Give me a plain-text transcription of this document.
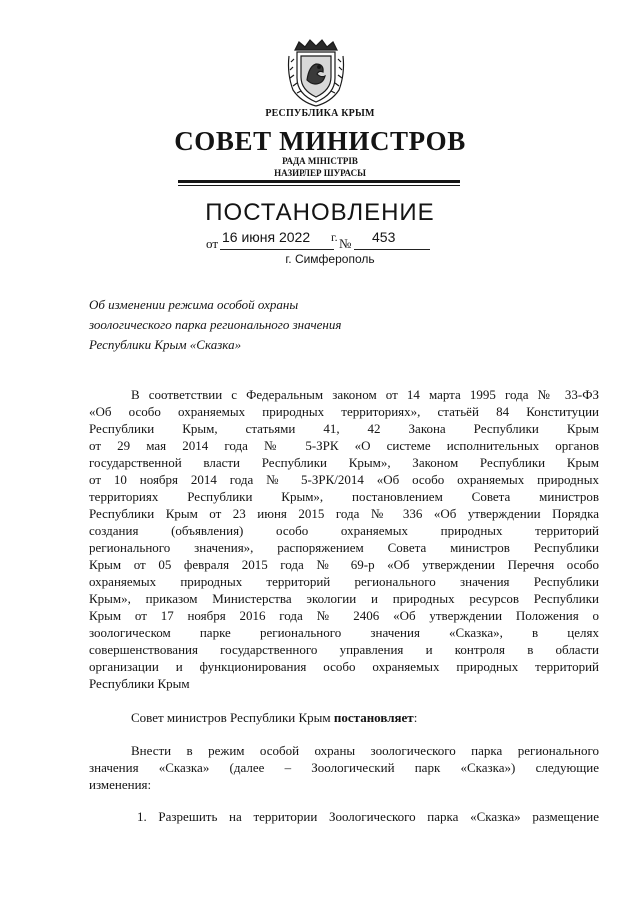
РЕСПУБЛИКА КРЫМ
СОВЕТ МИНИСТРОВ
РАДА МІНІСТРІВ
НАЗИРЛЕР ШУРАСЫ
ПОСТАНОВЛЕНИЕ
от 16 июня 2022 г. № 453
г. Симферополь
Об изменении режима особой охраны
зоологического парка регионального значения
Республики Крым «Сказка»
В соответствии с Федеральным законом от 14 марта 1995 года № 33-ФЗ
«Об особо охраняемых природных территориях», статьёй 84 Конституции
Республики Крым, статьями 41, 42 Закона Республики Крым
от 29 мая 2014 года № 5-ЗРК «О системе исполнительных органов
государственной власти Республики Крым», Законом Республики Крым
от 10 ноября 2014 года № 5-ЗРК/2014 «Об особо охраняемых природных
территориях Республики Крым», постановлением Совета министров
Республики Крым от 23 июня 2015 года № 336 «Об утверждении Порядка
создания (объявления) особо охраняемых природных территорий
регионального значения», распоряжением Совета министров Республики
Крым от 05 февраля 2015 года № 69-р «Об утверждении Перечня особо
охраняемых природных территорий регионального значения Республики
Крым», приказом Министерства экологии и природных ресурсов Республики
Крым от 17 ноября 2016 года № 2406 «Об утверждении Положения о
зоологическом парке регионального значения «Сказка», в целях
совершенствования государственного управления и контроля в области
организации и функционирования особо охраняемых природных территорий
Республики Крым
Совет министров Республики Крым постановляет:
Внести в режим особой охраны зоологического парка регионального
значения «Сказка» (далее – Зоологический парк «Сказка») следующие
изменения:
1. Разрешить на территории Зоологического парка «Сказка» размещение
